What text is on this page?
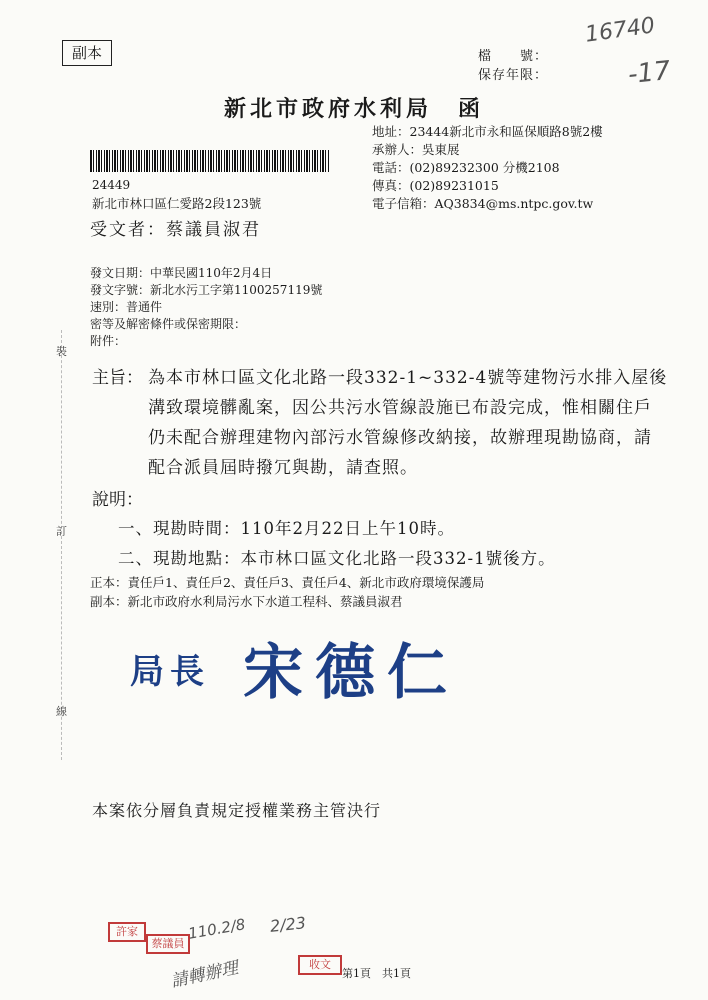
副本
16740
-17
檔　　號：
保存年限：
新北市政府水利局　函
地址：23444新北市永和區保順路8號2樓
承辦人：吳東展
電話：(02)89232300 分機2108
傳真：(02)89231015
電子信箱：AQ3834@ms.ntpc.gov.tw
24449
新北市林口區仁愛路2段123號
受文者：蔡議員淑君
發文日期：中華民國110年2月4日
發文字號：新北水污工字第1100257119號
速別：普通件
密等及解密條件或保密期限：
附件：
裝
訂
線
主旨： 為本市林口區文化北路一段332-1~332-4號等建物污水排入屋後溝致環境髒亂案，因公共污水管線設施已布設完成，惟相關住戶仍未配合辦理建物內部污水管線修改納接，故辦理現勘協商，請配合派員屆時撥冗與勘，請查照。
說明：
一、現勘時間：110年2月22日上午10時。
二、現勘地點：本市林口區文化北路一段332-1號後方。
正本：責任戶1、責任戶2、責任戶3、責任戶4、新北市政府環境保護局
副本：新北市政府水利局污水下水道工程科、蔡議員淑君
局長 宋德仁
本案依分層負責規定授權業務主管決行
許家
蔡議員
110.2/8
請轉辦理
2/23
收文
第1頁　共1頁
